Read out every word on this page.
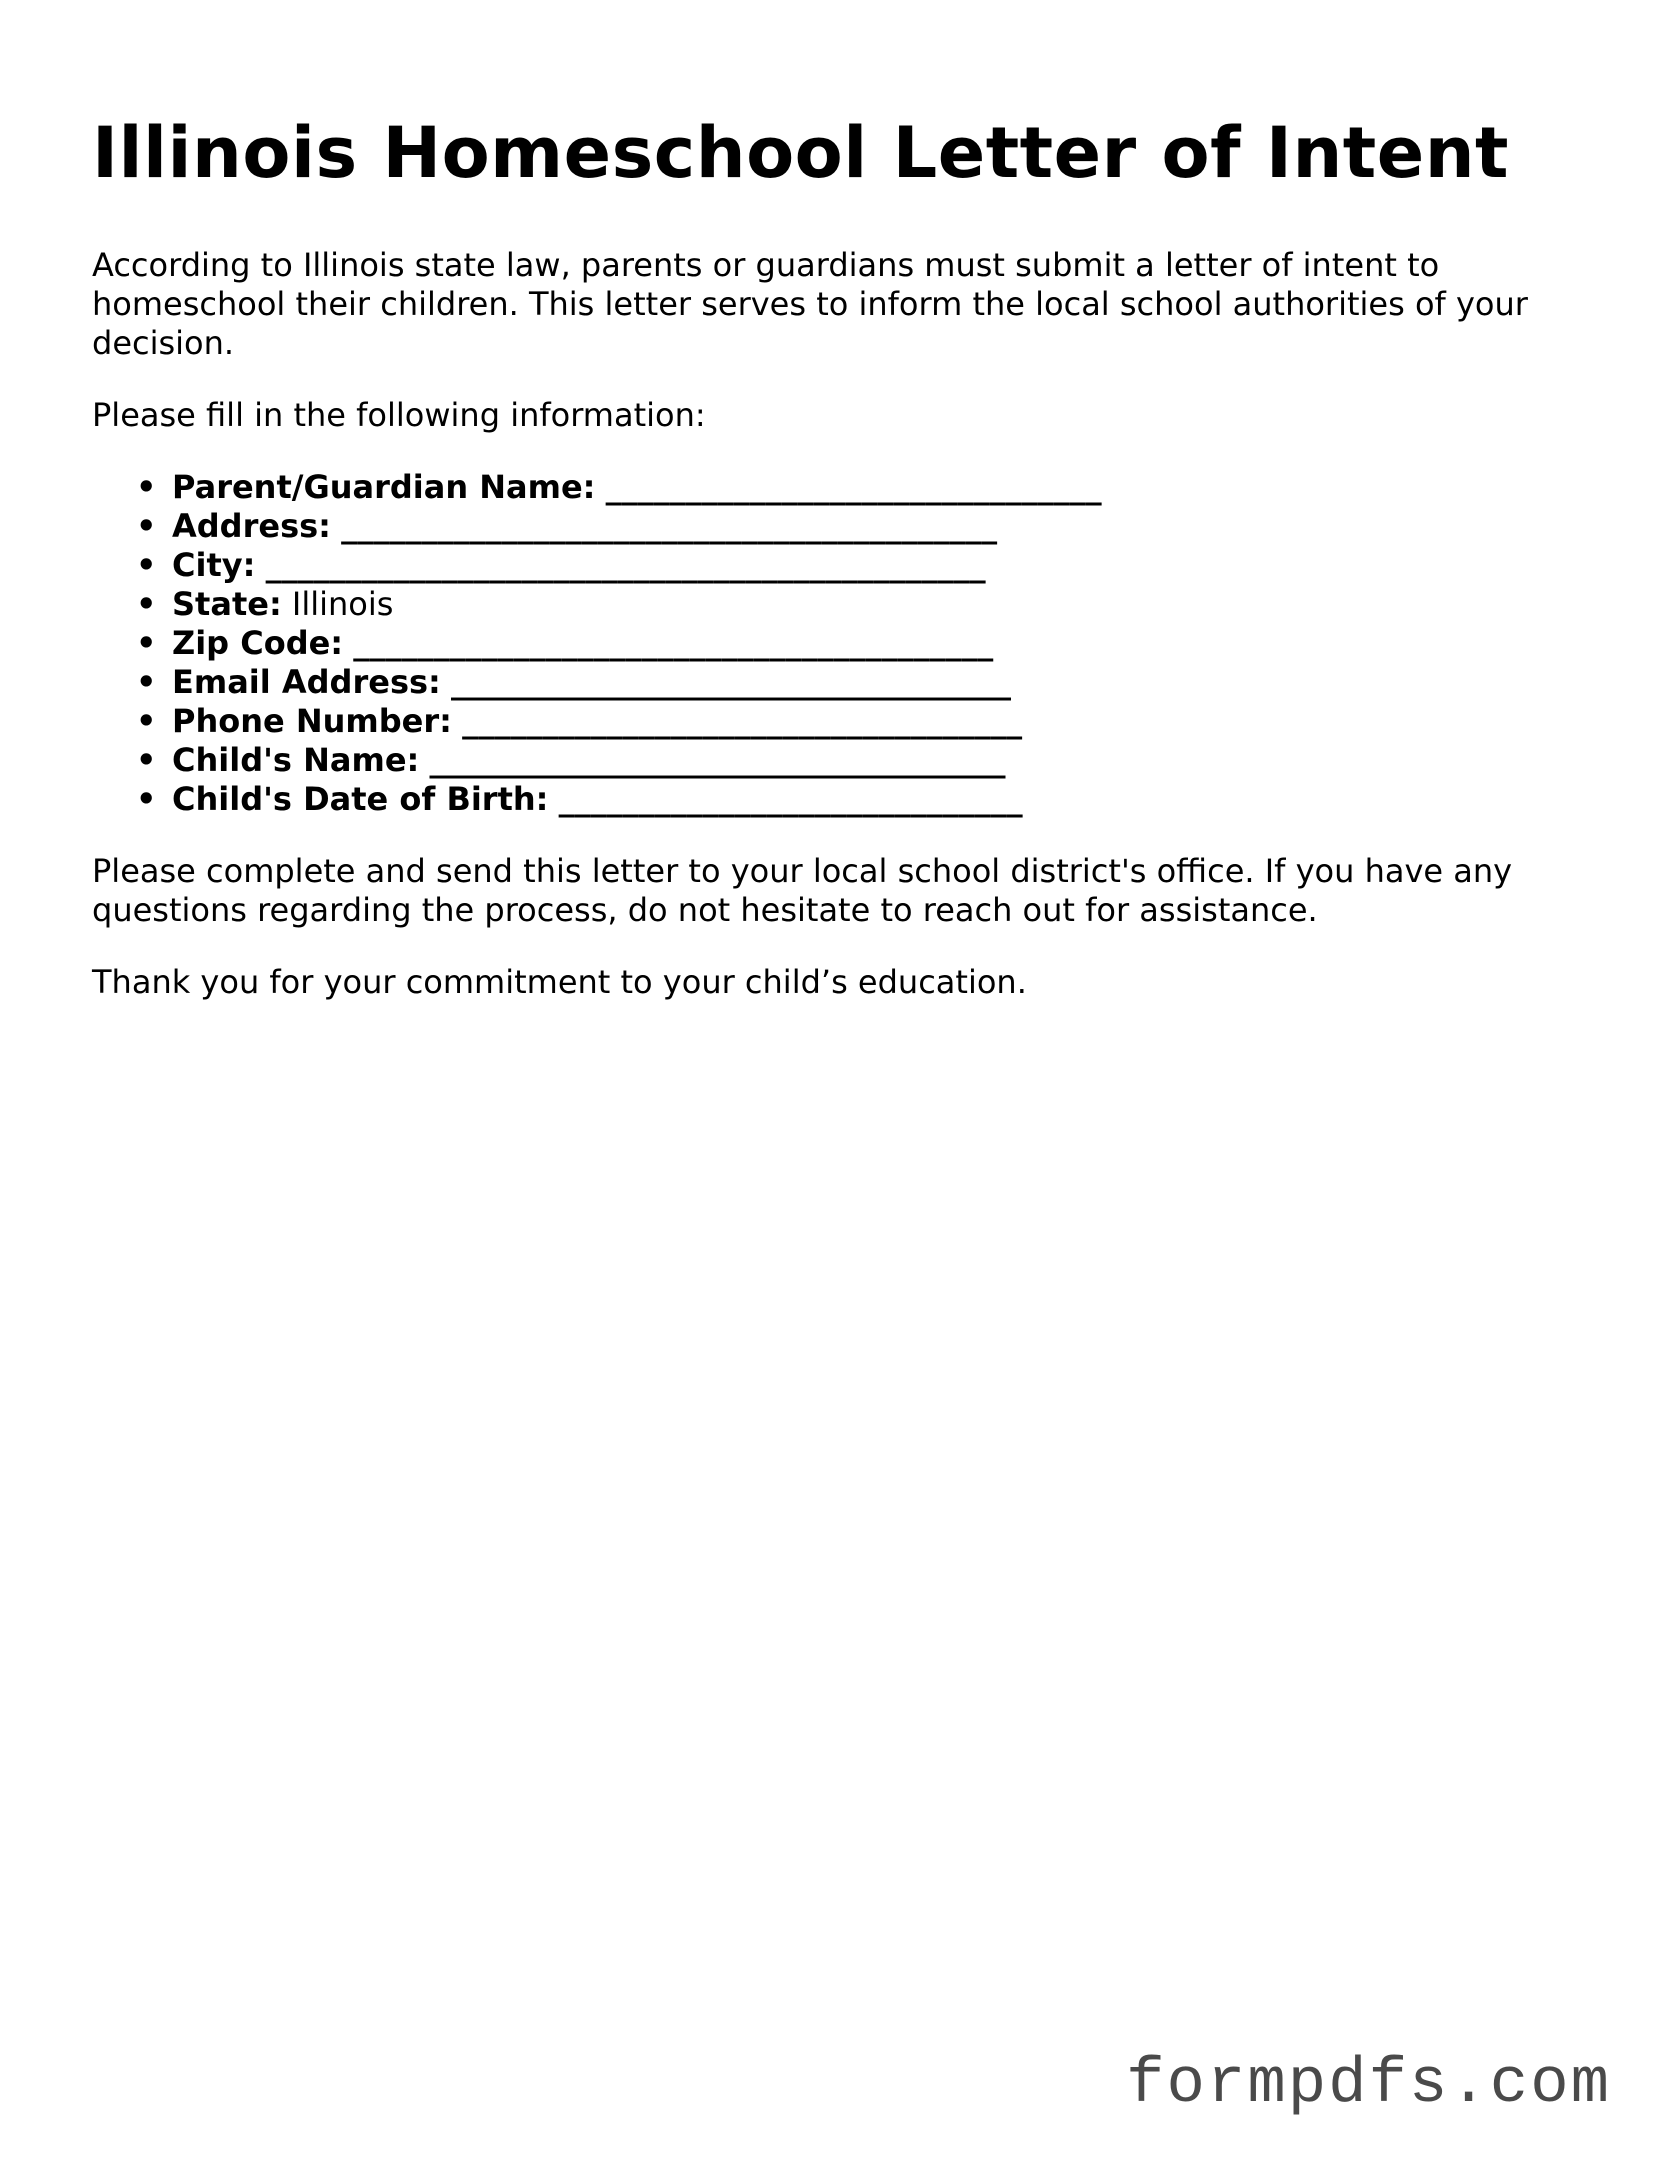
Illinois Homeschool Letter of Intent

According to Illinois state law, parents or guardians must submit a letter of intent to homeschool their children. This letter serves to inform the local school authorities of your decision.

Please fill in the following information:

• Parent/Guardian Name: _______________________________
• Address: _________________________________________
• City: _____________________________________________
• State: Illinois
• Zip Code: ________________________________________
• Email Address: ___________________________________
• Phone Number: ___________________________________
• Child's Name: ____________________________________
• Child's Date of Birth: _____________________________

Please complete and send this letter to your local school district's office. If you have any questions regarding the process, do not hesitate to reach out for assistance.

Thank you for your commitment to your child’s education.

formpdfs.com
